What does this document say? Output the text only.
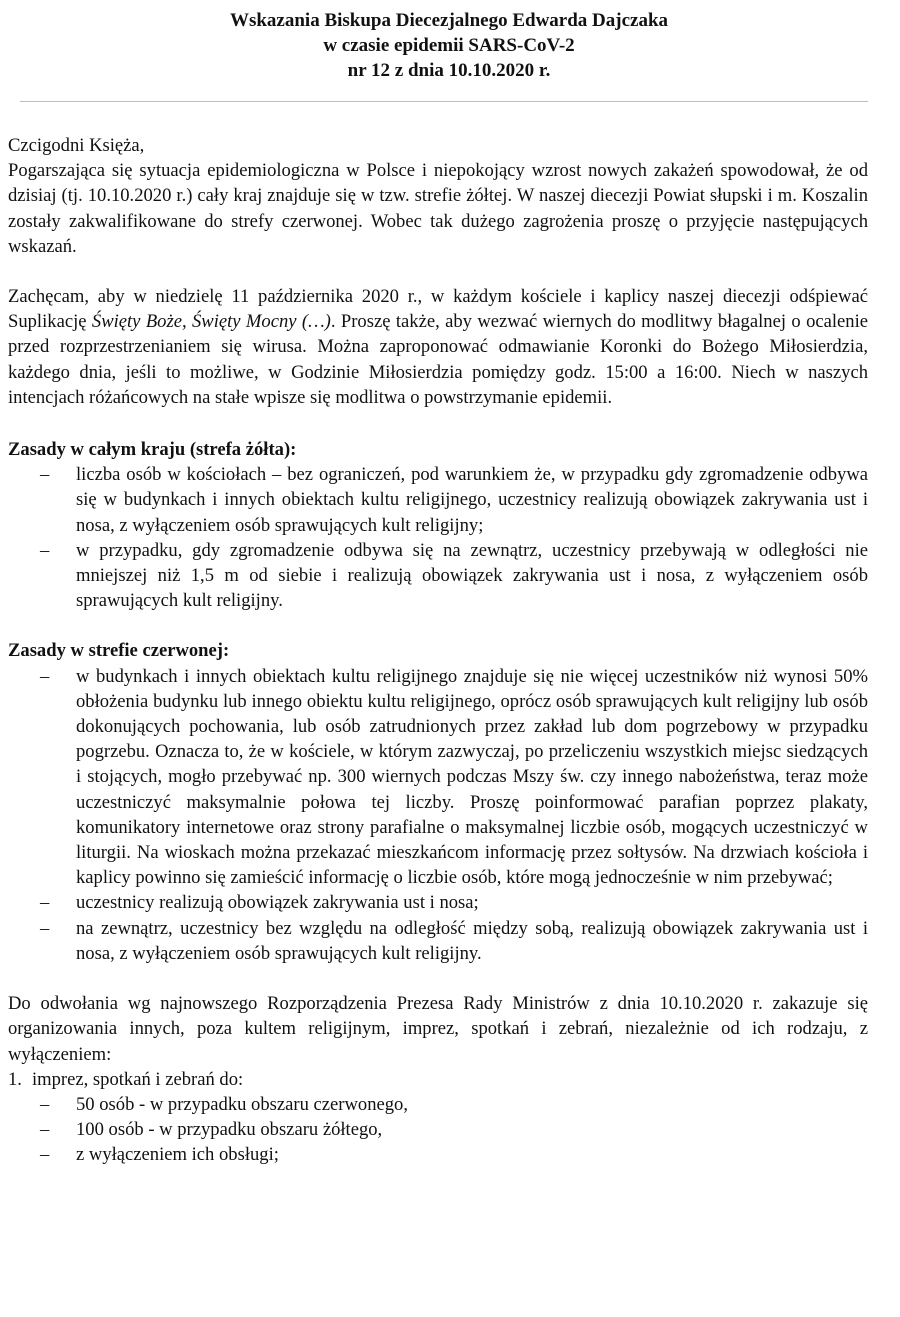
Wskazania Biskupa Diecezjalnego Edwarda Dajczaka

w czasie epidemii SARS-CoV-2

nr 12 z dnia 10.10.2020 r.

Czcigodni Księża,

Pogarszająca się sytuacja epidemiologiczna w Polsce i niepokojący wzrost nowych zakażeń spowodował, że od dzisiaj (tj. 10.10.2020 r.) cały kraj znajduje się w tzw. strefie żółtej. W naszej diecezji Powiat słupski i m. Koszalin zostały zakwalifikowane do strefy czerwonej. Wobec tak dużego zagrożenia proszę o przyjęcie następujących wskazań.

Zachęcam, aby w niedzielę 11 października 2020 r., w każdym kościele i kaplicy naszej diecezji odśpiewać Suplikację Święty Boże, Święty Mocny (…). Proszę także, aby wezwać wiernych do modlitwy błagalnej o ocalenie przed rozprzestrzenianiem się wirusa. Można zaproponować odmawianie Koronki do Bożego Miłosierdzia, każdego dnia, jeśli to możliwe, w Godzinie Miłosierdzia pomiędzy godz. 15:00 a 16:00. Niech w naszych intencjach różańcowych na stałe wpisze się modlitwa o powstrzymanie epidemii.

Zasady w całym kraju (strefa żółta):

– liczba osób w kościołach – bez ograniczeń, pod warunkiem że, w przypadku gdy zgromadzenie odbywa się w budynkach i innych obiektach kultu religijnego, uczestnicy realizują obowiązek zakrywania ust i nosa, z wyłączeniem osób sprawujących kult religijny;
– w przypadku, gdy zgromadzenie odbywa się na zewnątrz, uczestnicy przebywają w odległości nie mniejszej niż 1,5 m od siebie i realizują obowiązek zakrywania ust i nosa, z wyłączeniem osób sprawujących kult religijny.

Zasady w strefie czerwonej:

– w budynkach i innych obiektach kultu religijnego znajduje się nie więcej uczestników niż wynosi 50% obłożenia budynku lub innego obiektu kultu religijnego, oprócz osób sprawujących kult religijny lub osób dokonujących pochowania, lub osób zatrudnionych przez zakład lub dom pogrzebowy w przypadku pogrzebu. Oznacza to, że w kościele, w którym zazwyczaj, po przeliczeniu wszystkich miejsc siedzących i stojących, mogło przebywać np. 300 wiernych podczas Mszy św. czy innego nabożeństwa, teraz może uczestniczyć maksymalnie połowa tej liczby. Proszę poinformować parafian poprzez plakaty, komunikatory internetowe oraz strony parafialne o maksymalnej liczbie osób, mogących uczestniczyć w liturgii. Na wioskach można przekazać mieszkańcom informację przez sołtysów. Na drzwiach kościoła i kaplicy powinno się zamieścić informację o liczbie osób, które mogą jednocześnie w nim przebywać;
– uczestnicy realizują obowiązek zakrywania ust i nosa;
– na zewnątrz, uczestnicy bez względu na odległość między sobą, realizują obowiązek zakrywania ust i nosa, z wyłączeniem osób sprawujących kult religijny.

Do odwołania wg najnowszego Rozporządzenia Prezesa Rady Ministrów z dnia 10.10.2020 r. zakazuje się organizowania innych, poza kultem religijnym, imprez, spotkań i zebrań, niezależnie od ich rodzaju, z wyłączeniem:

1. imprez, spotkań i zebrań do:

– 50 osób - w przypadku obszaru czerwonego,
– 100 osób - w przypadku obszaru żółtego,
– z wyłączeniem ich obsługi;
